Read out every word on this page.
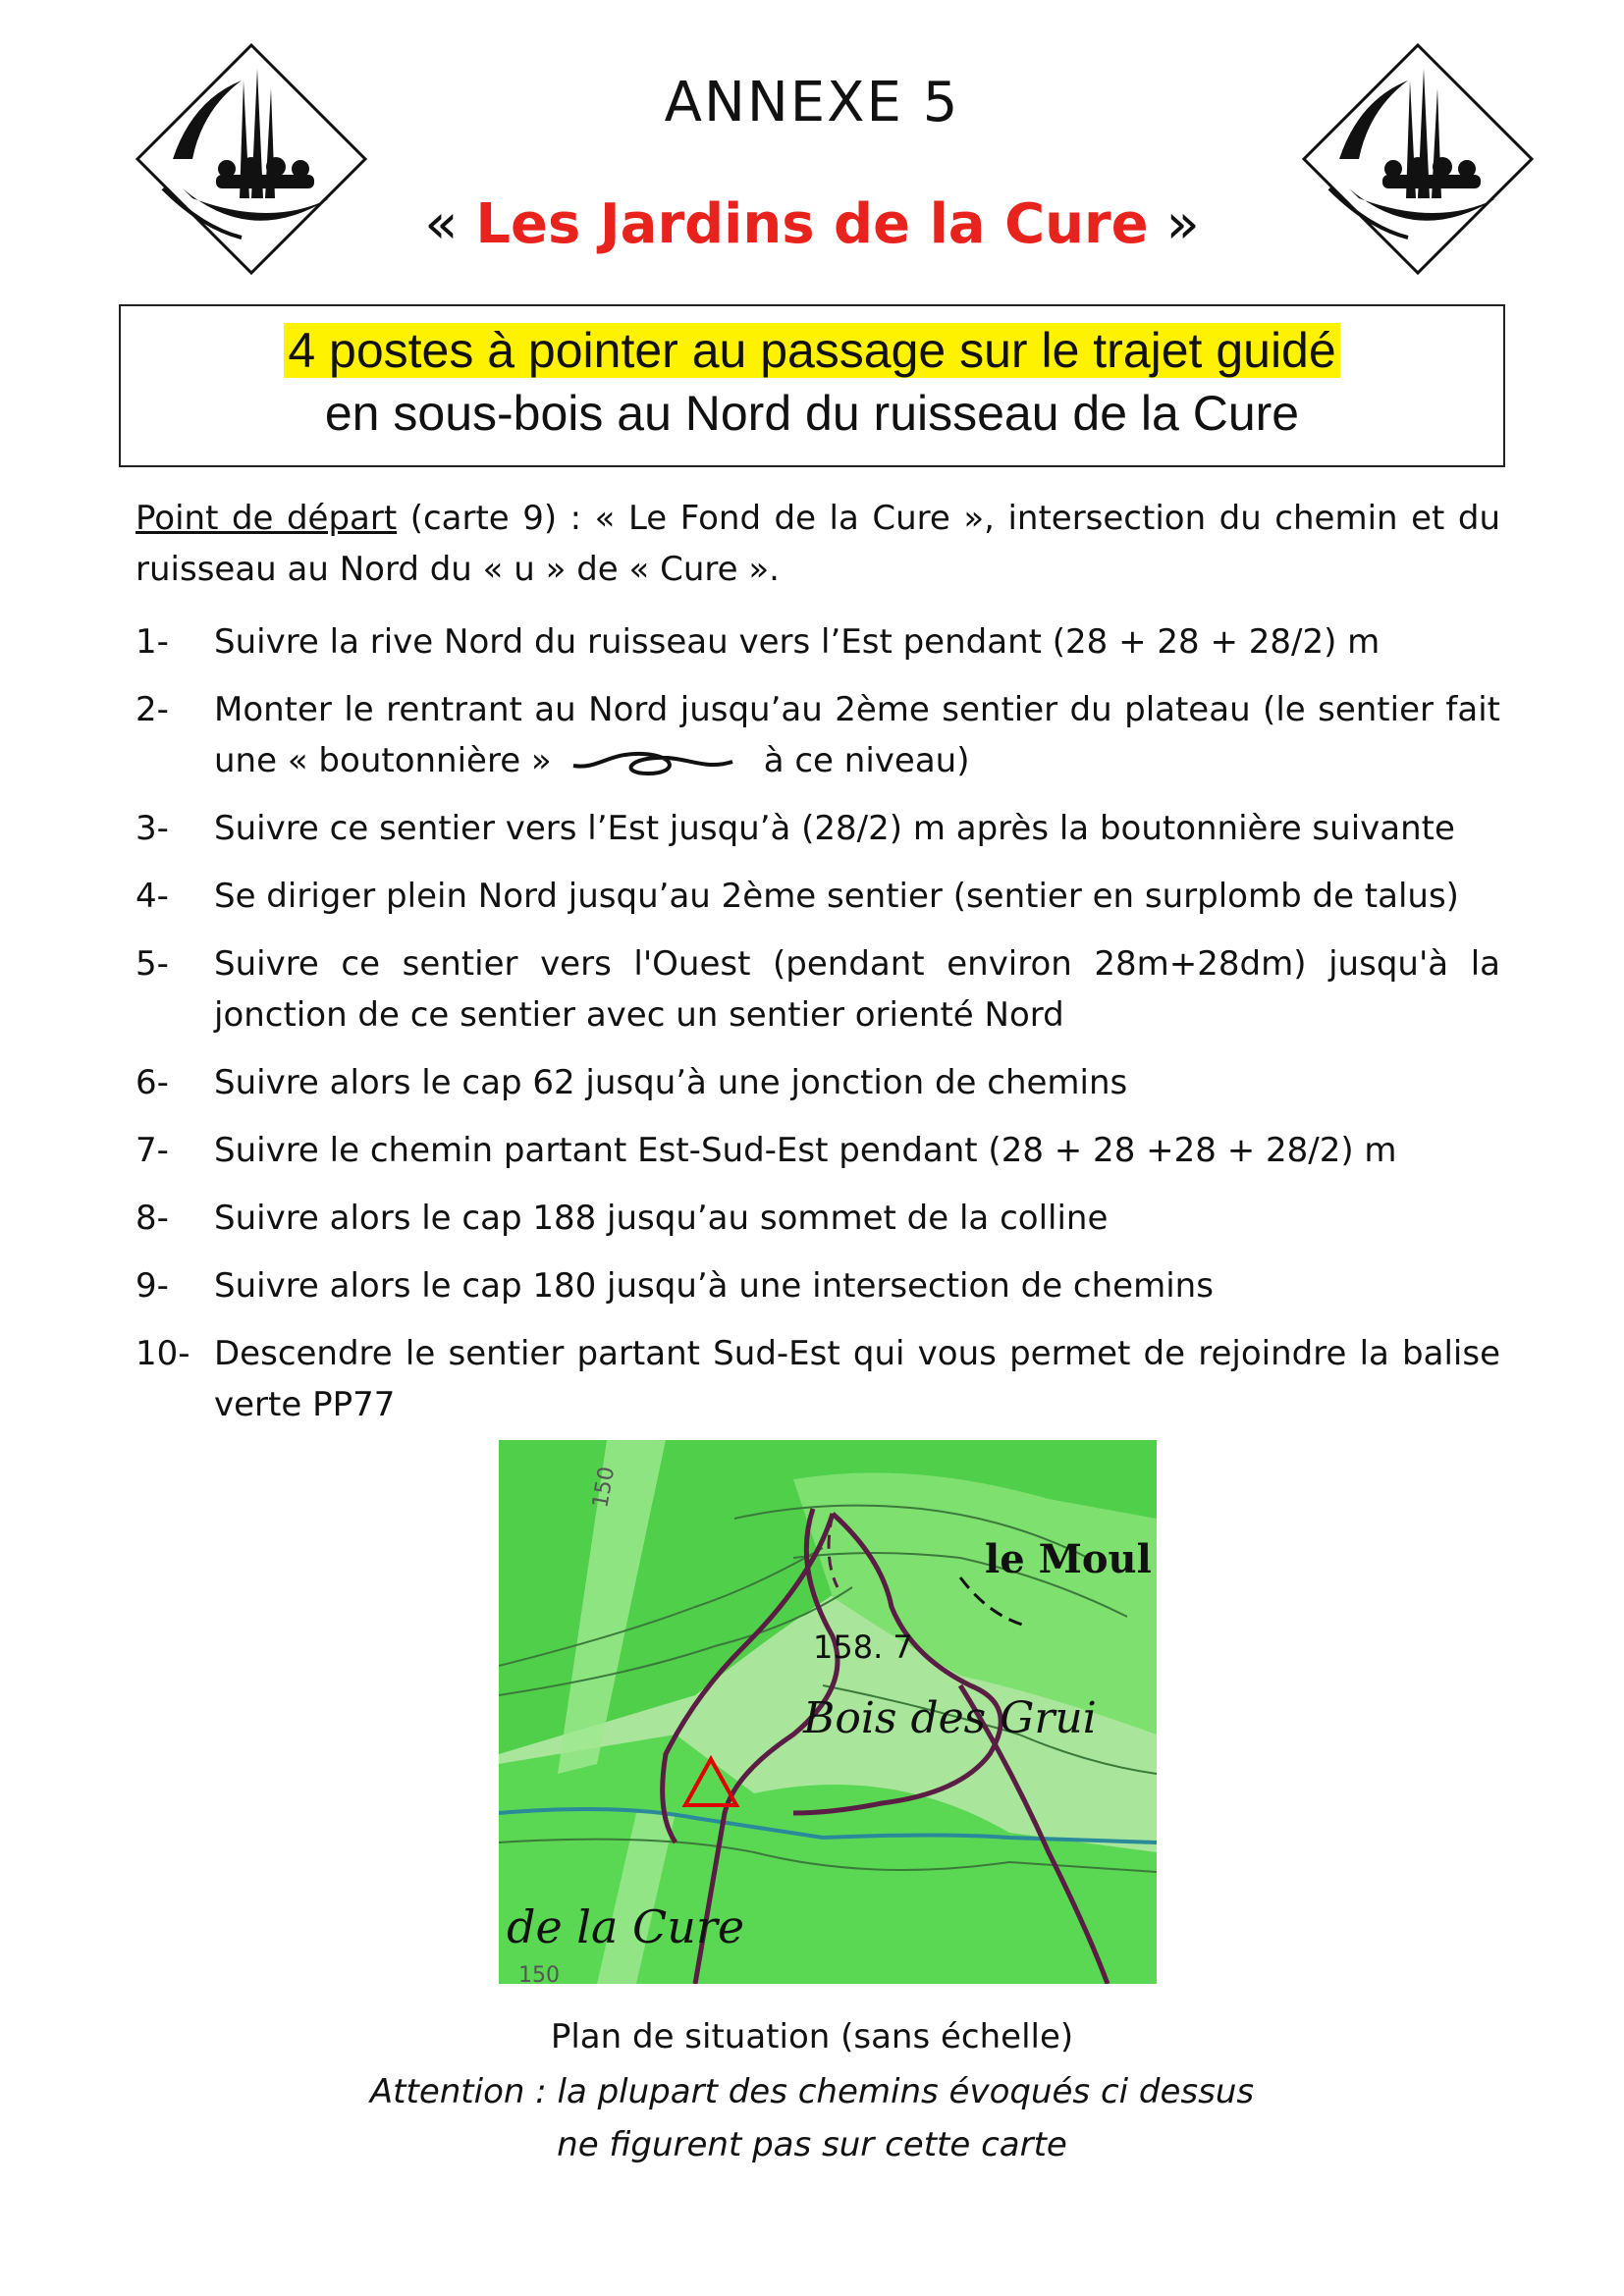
ANNEXE 5
« Les Jardins de la Cure »
4 postes à pointer au passage sur le trajet guidé
en sous-bois au Nord du ruisseau de la Cure
Point de départ (carte 9) : « Le Fond de la Cure », intersection du chemin et du ruisseau au Nord du « u » de « Cure ».
1- Suivre la rive Nord du ruisseau vers l’Est pendant (28 + 28 + 28/2) m
2- Monter le rentrant au Nord jusqu’au 2ème sentier du plateau (le sentier fait une « boutonnière »	à ce niveau)
3- Suivre ce sentier vers l’Est jusqu’à (28/2) m après la boutonnière suivante
4- Se diriger plein Nord jusqu’au 2ème sentier (sentier en surplomb de talus)
5- Suivre ce sentier vers l'Ouest (pendant environ 28m+28dm) jusqu'à la jonction de ce sentier avec un sentier orienté Nord
6- Suivre alors le cap 62 jusqu’à une jonction de chemins
7- Suivre le chemin partant Est-Sud-Est pendant (28 + 28 +28 + 28/2) m
8- Suivre alors le cap 188 jusqu’au sommet de la colline
9- Suivre alors le cap 180 jusqu’à une intersection de chemins
10- Descendre le sentier partant Sud-Est qui vous permet de rejoindre la balise verte PP77
le Moul
158. 7
Bois des Grui
de la Cure
150
150
Plan de situation (sans échelle)
Attention : la plupart des chemins évoqués ci dessus
ne figurent pas sur cette carte
